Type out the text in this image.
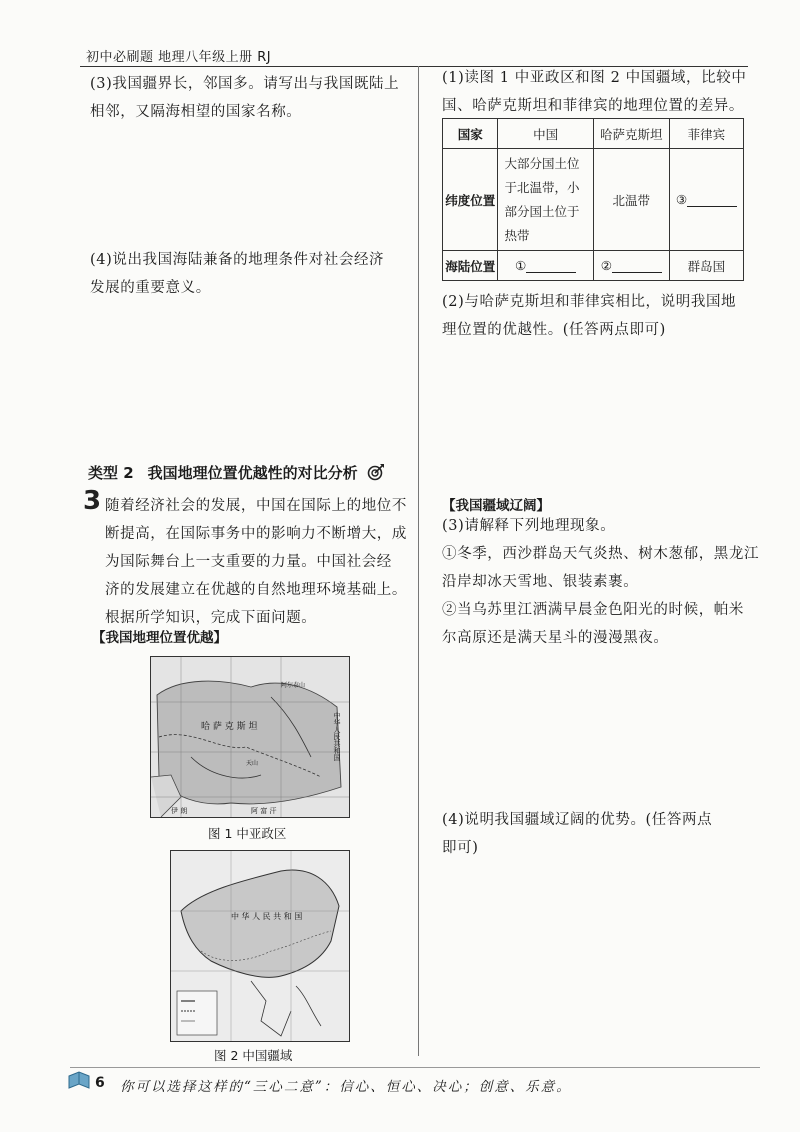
初中必刷题 地理八年级上册 RJ
(3)我国疆界长，邻国多。请写出与我国既陆上
相邻，又隔海相望的国家名称。
(4)说出我国海陆兼备的地理条件对社会经济
发展的重要意义。
类型 2 我国地理位置优越性的对比分析
3 随着经济社会的发展，中国在国际上的地位不
断提高，在国际事务中的影响力不断增大，成
为国际舞台上一支重要的力量。中国社会经
济的发展建立在优越的自然地理环境基础上。
根据所学知识，完成下面问题。
【我国地理位置优越】
哈 萨 克 斯 坦
阿尔泰山
天山
阿 富 汗
伊 朗
中华人民共和国
图 1 中亚政区
中 华 人 民 共 和 国
图 2 中国疆域
(1)读图 1 中亚政区和图 2 中国疆域，比较中
国、哈萨克斯坦和菲律宾的地理位置的差异。
国家	中国	哈萨克斯坦	菲律宾
纬度位置	大部分国土位
于北温带，小
部分国土位于
热带	北温带	③
海陆位置	①	②	群岛国
(2)与哈萨克斯坦和菲律宾相比，说明我国地
理位置的优越性。(任答两点即可)
【我国疆域辽阔】
(3)请解释下列地理现象。
①冬季，西沙群岛天气炎热、树木葱郁，黑龙江
沿岸却冰天雪地、银装素裹。
②当乌苏里江洒满早晨金色阳光的时候，帕米
尔高原还是满天星斗的漫漫黑夜。
(4)说明我国疆域辽阔的优势。(任答两点
即可)
6 你可以选择这样的“三心二意”：信心、恒心、决心；创意、乐意。
